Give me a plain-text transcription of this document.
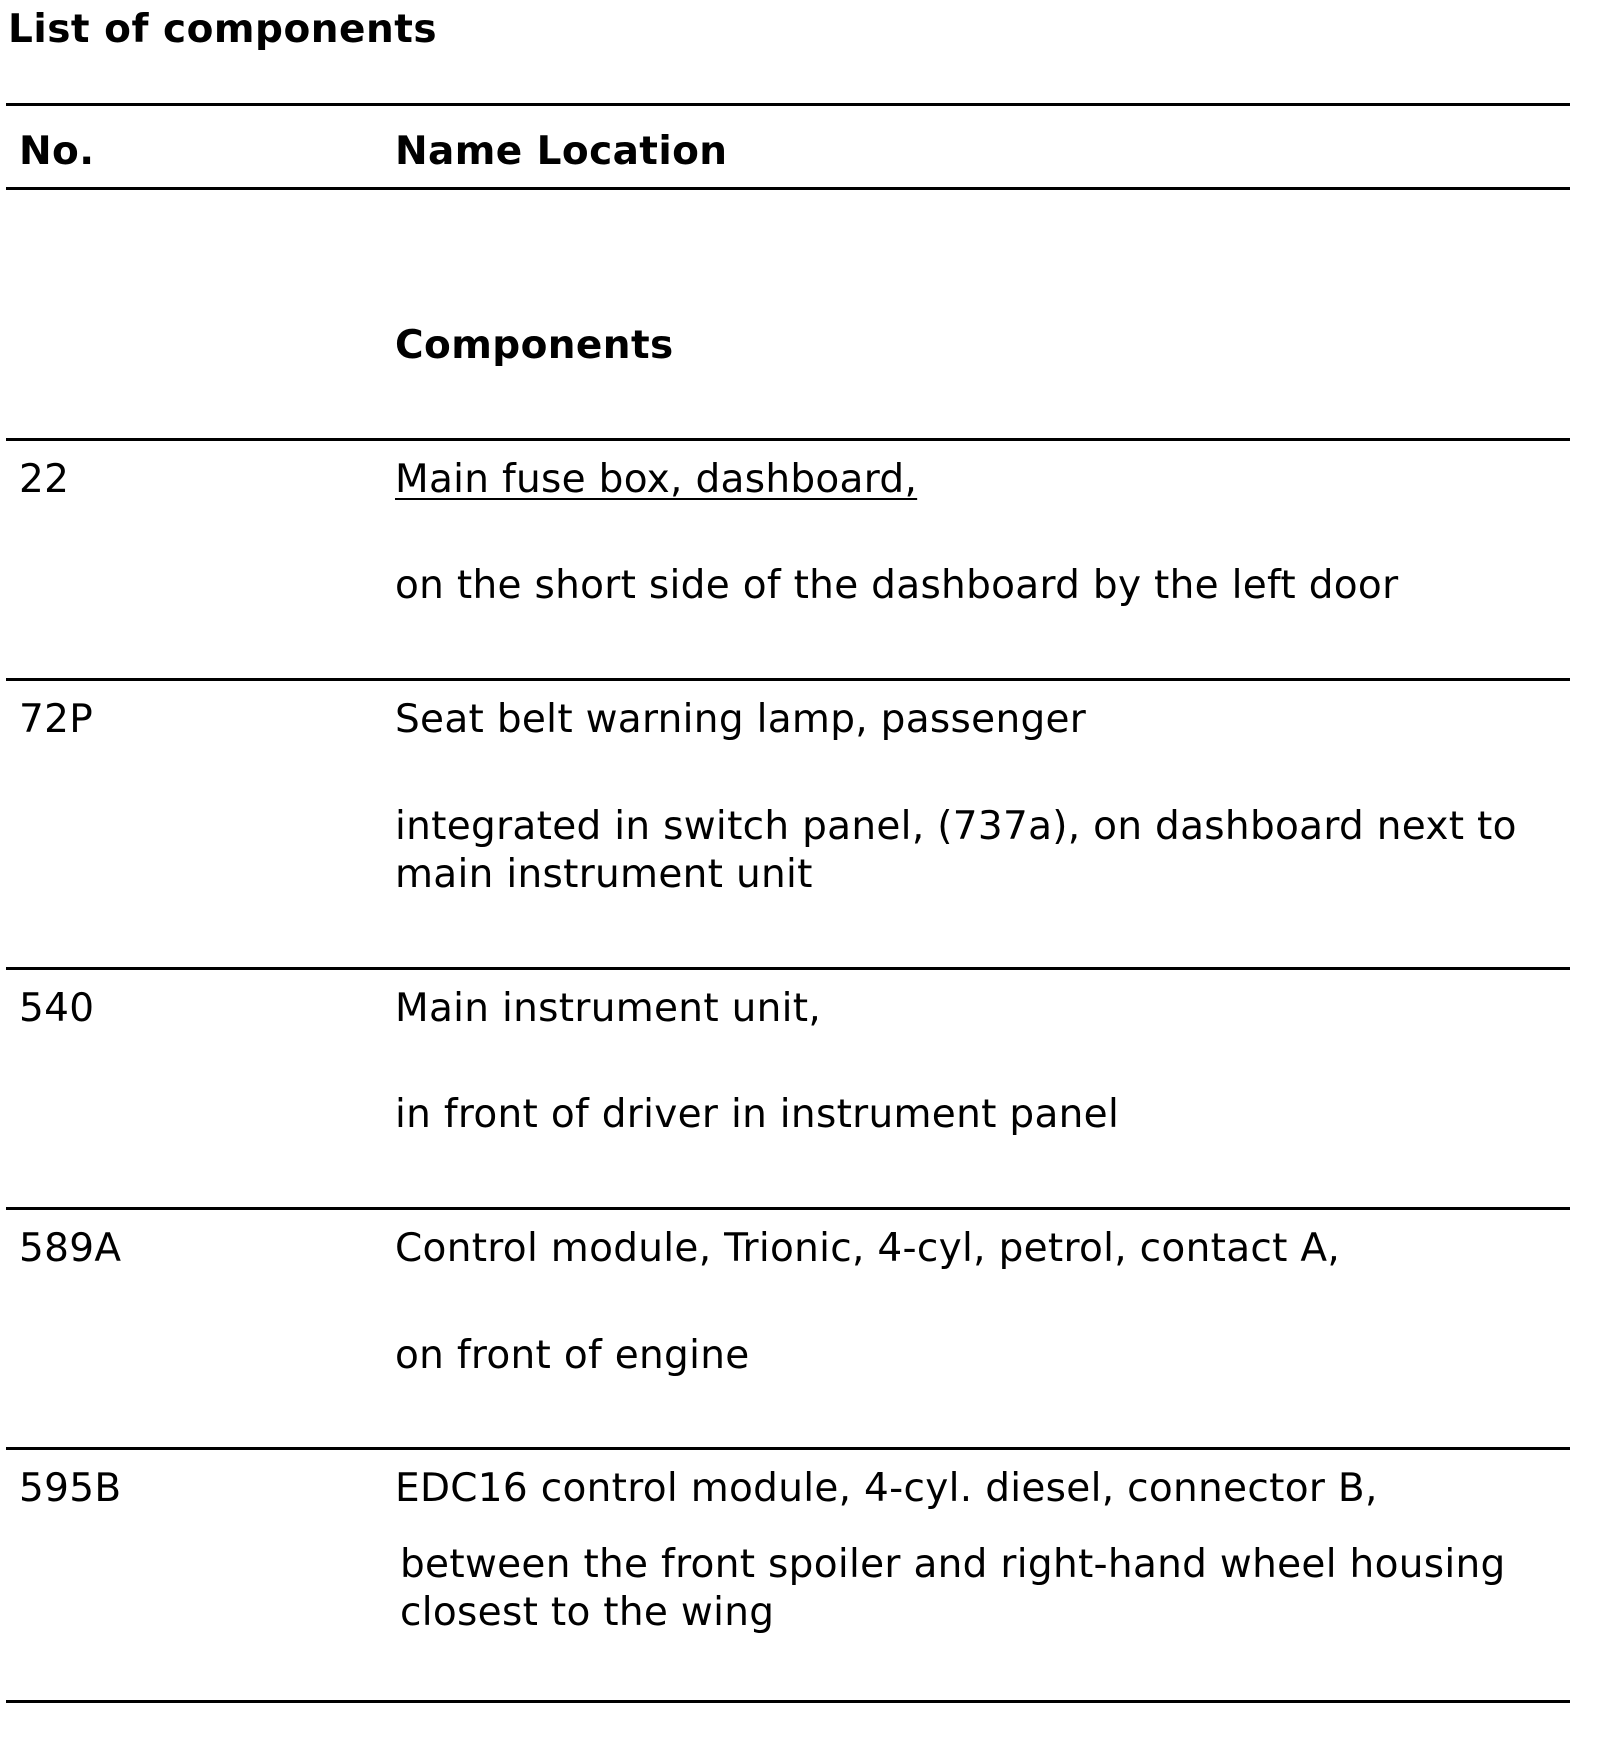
List of components
No.	Name Location
Components
22	Main fuse box, dashboard,
on the short side of the dashboard by the left door
72P	Seat belt warning lamp, passenger
integrated in switch panel, (737a), on dashboard next to
main instrument unit
540	Main instrument unit,
in front of driver in instrument panel
589A	Control module, Trionic, 4-cyl, petrol, contact A,
on front of engine
595B	EDC16 control module, 4-cyl. diesel, connector B,
between the front spoiler and right-hand wheel housing
closest to the wing
